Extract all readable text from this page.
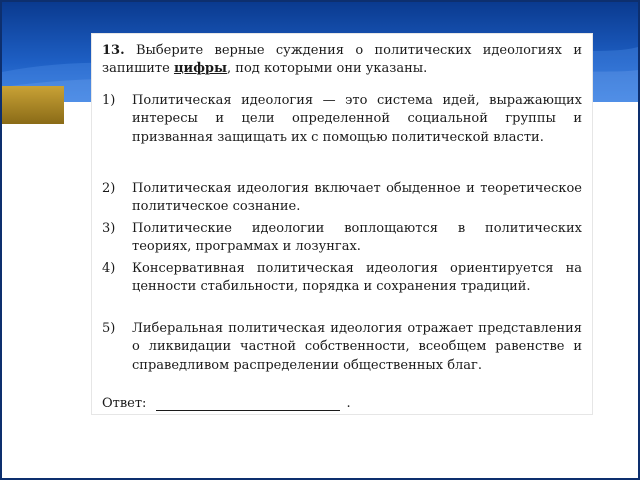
13. Выберите верные суждения о политических идеологиях и запишите цифры, под которыми они указаны.
1)	Политическая идеология — это система идей, выражающих интересы и цели определенной социальной группы и призванная защищать их с помощью политической власти.
2)	Политическая идеология включает обыденное и теоретическое политическое сознание.
3)	Политические идеологии воплощаются в политических теориях, программах и лозунгах.
4)	Консервативная политическая идеология ориентируется на ценности стабильности, порядка и сохранения традиций.
5)	Либеральная политическая идеология отражает представления о ликвидации частной собственности, всеобщем равенстве и справедливом распределении общественных благ.
Ответ:	.
